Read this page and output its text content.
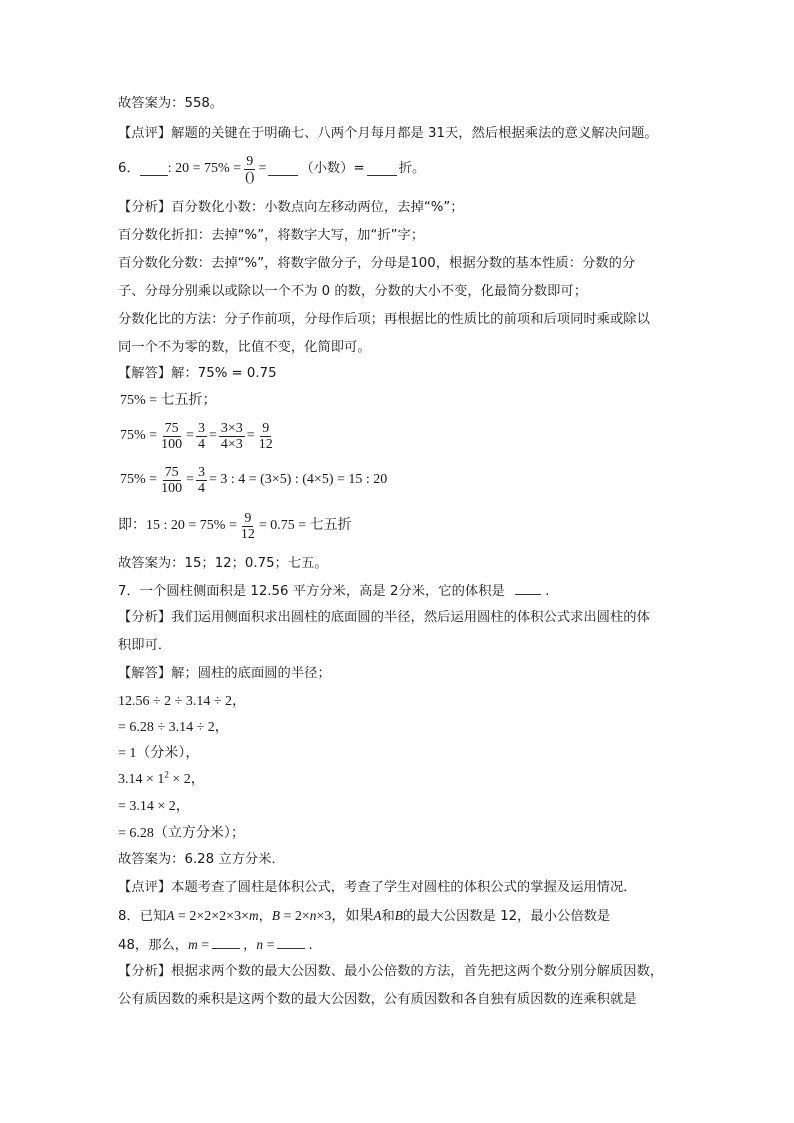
故答案为：558。
【点评】解题的关键在于明确七、八两个月每月都是 31天，然后根据乘法的意义解决问题。
6． : $20 = 75\% = \frac{9}{()}$ =	（小数）=	折。
【分析】百分数化小数：小数点向左移动两位，去掉“%”；
百分数化折扣：去掉“%”，将数字大写，加“折”字；
百分数化分数：去掉“%”，将数字做分子，分母是100，根据分数的基本性质：分数的分
子、分母分别乘以或除以一个不为 0 的数，分数的大小不变，化最简分数即可；
分数化比的方法：分子作前项，分母作后项；再根据比的性质比的前项和后项同时乘或除以
同一个不为零的数，比值不变，化简即可。
【解答】解：75% = 0.75
75% = 七五折；
$75\% = \frac{75}{100} = \frac{3}{4} = \frac{3\times 3}{4\times 3} = \frac{9}{12}$
$75\% = \frac{75}{100} = \frac{3}{4} = 3$ : 4 = (3×5) : (4×5) = 15 : 20
即：15 : $20 = 75\% = \frac{9}{12} = 0.75$ = 七五折
故答案为：15；12；0.75；七五。
7．一个圆柱侧面积是 12.56 平方分米，高是 2分米，它的体积是	.
【分析】我们运用侧面积求出圆柱的底面圆的半径，然后运用圆柱的体积公式求出圆柱的体
积即可．
【解答】解；圆柱的底面圆的半径；
12.56 ÷ 2 ÷ 3.14 ÷ 2，
= 6.28 ÷ 3.14 ÷ 2，
= 1（分米），
$3.14 \times 1^2 \times 2$，
= 3.14 × 2，
= 6.28（立方分米）；
故答案为：6.28 立方分米．
【点评】本题考查了圆柱是体积公式，考查了学生对圆柱的体积公式的掌握及运用情况．
8．已知A = 2×2×2×3×m，B = 2×n×3，如果A和B的最大公因数是 12，最小公倍数是
48，那么，m =	，n =	.
【分析】根据求两个数的最大公因数、最小公倍数的方法，首先把这两个数分别分解质因数，
公有质因数的乘积是这两个数的最大公因数，公有质因数和各自独有质因数的连乘积就是
